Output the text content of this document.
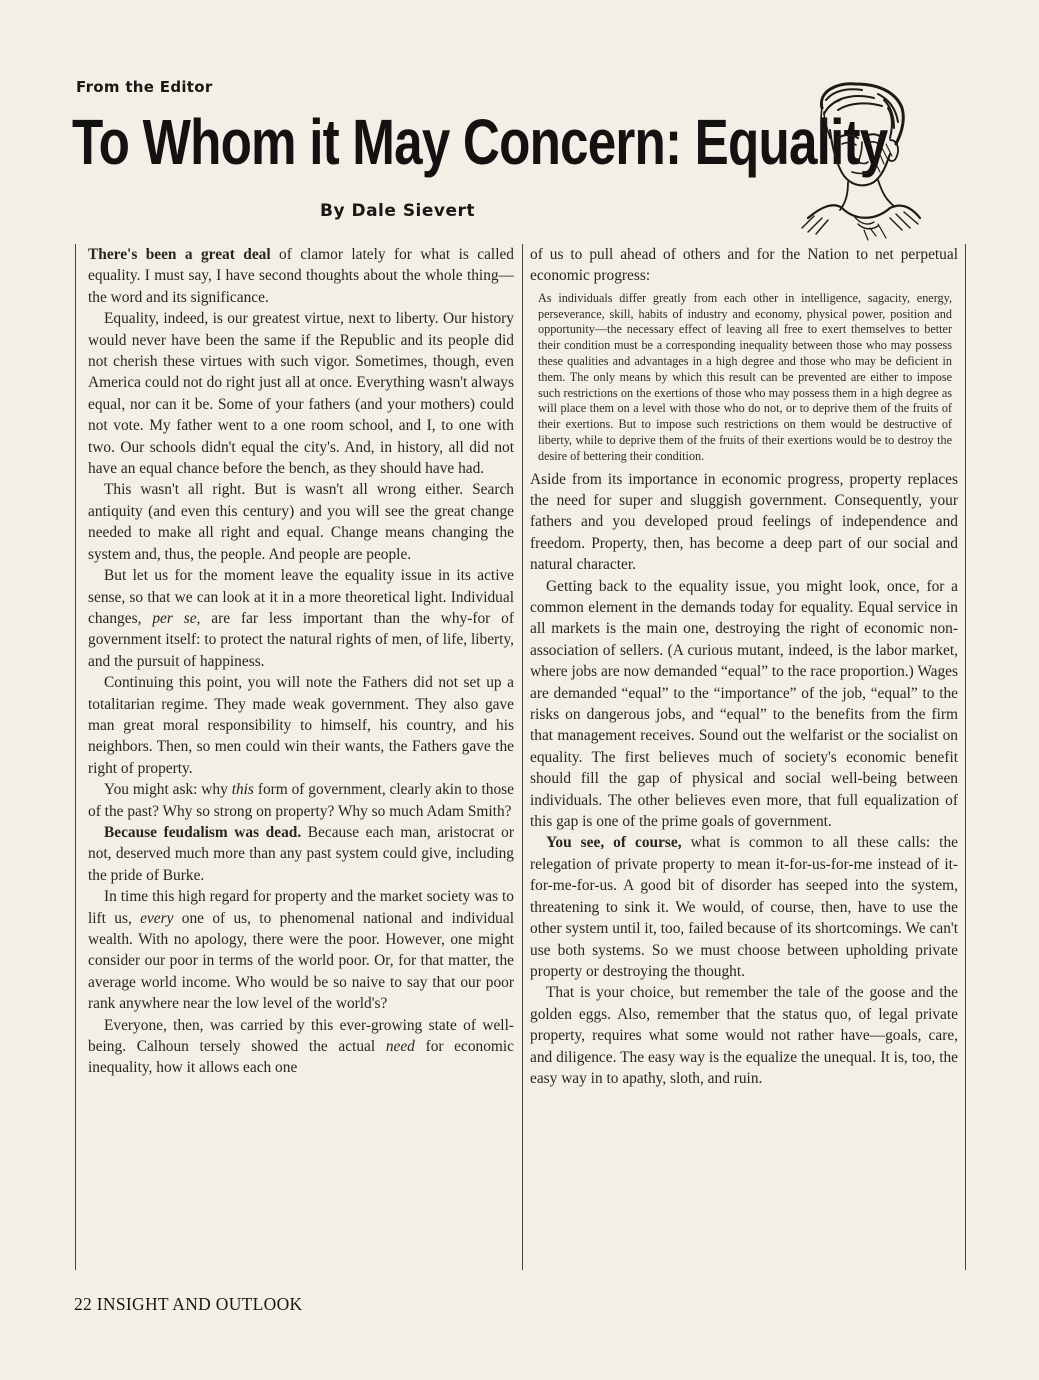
From the Editor
To Whom it May Concern: Equality
By Dale Sievert

There's been a great deal of clamor lately for what is called equality. I must say, I have second thoughts about the whole thing—the word and its significance.

Equality, indeed, is our greatest virtue, next to liberty. Our history would never have been the same if the Republic and its people did not cherish these virtues with such vigor. Sometimes, though, even America could not do right just all at once. Everything wasn't always equal, nor can it be. Some of your fathers (and your mothers) could not vote. My father went to a one room school, and I, to one with two. Our schools didn't equal the city's. And, in history, all did not have an equal chance before the bench, as they should have had.

This wasn't all right. But is wasn't all wrong either. Search antiquity (and even this century) and you will see the great change needed to make all right and equal. Change means changing the system and, thus, the people. And people are people.

But let us for the moment leave the equality issue in its active sense, so that we can look at it in a more theoretical light. Individual changes, per se, are far less important than the why-for of government itself: to protect the natural rights of men, of life, liberty, and the pursuit of happiness.

Continuing this point, you will note the Fathers did not set up a totalitarian regime. They made weak government. They also gave man great moral responsibility to himself, his country, and his neighbors. Then, so men could win their wants, the Fathers gave the right of property.

You might ask: why this form of government, clearly akin to those of the past? Why so strong on property? Why so much Adam Smith?

Because feudalism was dead. Because each man, aristocrat or not, deserved much more than any past system could give, including the pride of Burke.

In time this high regard for property and the market society was to lift us, every one of us, to phenomenal national and individual wealth. With no apology, there were the poor. However, one might consider our poor in terms of the world poor. Or, for that matter, the average world income. Who would be so naive to say that our poor rank anywhere near the low level of the world's?

Everyone, then, was carried by this ever-growing state of well-being. Calhoun tersely showed the actual need for economic inequality, how it allows each one

of us to pull ahead of others and for the Nation to net perpetual economic progress:

As individuals differ greatly from each other in intelligence, sagacity, energy, perseverance, skill, habits of industry and economy, physical power, position and opportunity—the necessary effect of leaving all free to exert themselves to better their condition must be a corresponding inequality between those who may possess these qualities and advantages in a high degree and those who may be deficient in them. The only means by which this result can be prevented are either to impose such restrictions on the exertions of those who may possess them in a high degree as will place them on a level with those who do not, or to deprive them of the fruits of their exertions. But to impose such restrictions on them would be destructive of liberty, while to deprive them of the fruits of their exertions would be to destroy the desire of bettering their condition.

Aside from its importance in economic progress, property replaces the need for super and sluggish government. Consequently, your fathers and you developed proud feelings of independence and freedom. Property, then, has become a deep part of our social and natural character.

Getting back to the equality issue, you might look, once, for a common element in the demands today for equality. Equal service in all markets is the main one, destroying the right of economic non-association of sellers. (A curious mutant, indeed, is the labor market, where jobs are now demanded “equal” to the race proportion.) Wages are demanded “equal” to the “importance” of the job, “equal” to the risks on dangerous jobs, and “equal” to the benefits from the firm that management receives. Sound out the welfarist or the socialist on equality. The first believes much of society's economic benefit should fill the gap of physical and social well-being between individuals. The other believes even more, that full equalization of this gap is one of the prime goals of government.

You see, of course, what is common to all these calls: the relegation of private property to mean it-for-us-for-me instead of it-for-me-for-us. A good bit of disorder has seeped into the system, threatening to sink it. We would, of course, then, have to use the other system until it, too, failed because of its shortcomings. We can't use both systems. So we must choose between upholding private property or destroying the thought.

That is your choice, but remember the tale of the goose and the golden eggs. Also, remember that the status quo, of legal private property, requires what some would not rather have—goals, care, and diligence. The easy way is the equalize the unequal. It is, too, the easy way in to apathy, sloth, and ruin.

22 INSIGHT AND OUTLOOK
